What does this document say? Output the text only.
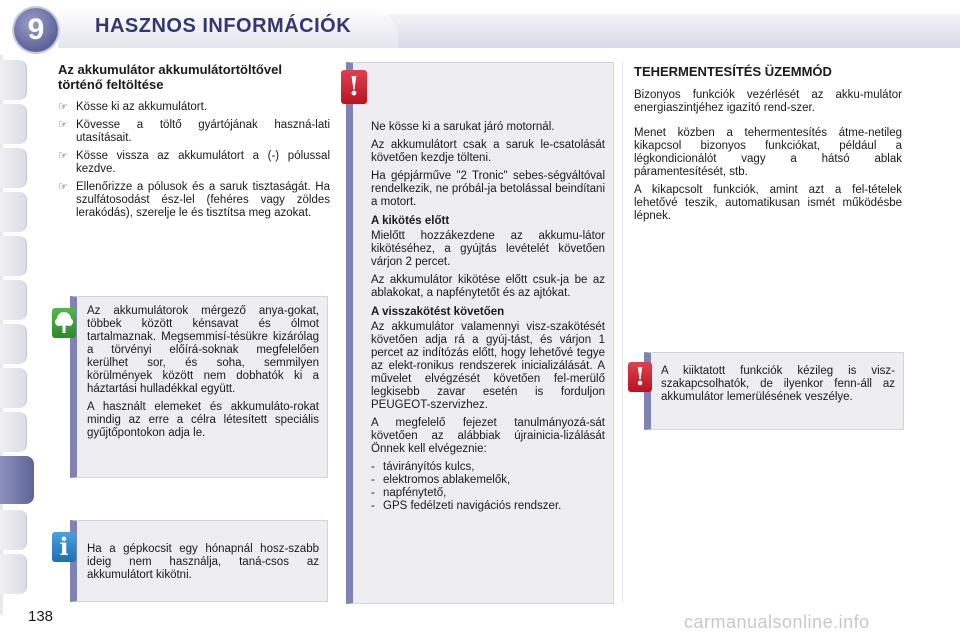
9	HASZNOS INFORMÁCIÓK
Az akkumulátor akkumulátortöltővel történő feltöltése
☞ Kösse ki az akkumulátort.
☞ Kövesse a töltő gyártójának haszná-lati utasításait.
☞ Kösse vissza az akkumulátort a (-) pólussal kezdve.
☞ Ellenőrizze a pólusok és a saruk tisztaságát. Ha szulfátosodást ész-lel (fehéres vagy zöldes lerakódás), szerelje le és tisztítsa meg azokat.
Az akkumulátorok mérgező anya-gokat, többek között kénsavat és ólmot tartalmaznak. Megsemmisí-tésükre kizárólag a törvényi előírá-soknak megfelelően kerülhet sor, és soha, semmilyen körülmények között nem dobhatók ki a háztartási hulladékkal együtt.
A használt elemeket és akkumuláto-rokat mindig az erre a célra létesített speciális gyűjtőpontokon adja le.
Ha a gépkocsit egy hónapnál hosz-szabb ideig nem használja, taná-csos az akkumulátort kikötni.
i

Ne kösse ki a sarukat járó motornál.

Az akkumulátort csak a saruk le-csatolását követően kezdje tölteni.

Ha gépjárműve "2 Tronic" sebes-ségváltóval rendelkezik, ne próbál-ja betolással beindítani a motort.

A kikötés előtt

Mielőtt hozzákezdene az akkumu-látor kikötéséhez, a gyújtás levételét követően várjon 2 percet.

Az akkumulátor kikötése előtt csuk-ja be az ablakokat, a napfénytetőt és az ajtókat.

A visszakötést követően

Az akkumulátor valamennyi visz-szakötését követően adja rá a gyúj-tást, és várjon 1 percet az indítózás előtt, hogy lehetővé tegye az elekt-ronikus rendszerek inicializálását. A művelet elvégzését követően fel-merülő legkisebb zavar esetén is forduljon PEUGEOT-szervizhez.

A megfelelő fejezet tanulmányozá-sát követően az alábbiak újrainicia-lizálását Önnek kell elvégeznie:

- távirányítós kulcs,
- elektromos ablakemelők,
- napfénytető,
- GPS fedélzeti navigációs rendszer.
!
TEHERMENTESÍTÉS ÜZEMMÓD

Bizonyos funkciók vezérlését az akku-mulátor energiaszintjéhez igazító rend-szer.

Menet közben a tehermentesítés átme-netileg kikapcsol bizonyos funkciókat, például a légkondicionálót vagy a hátsó ablak páramentesítését, stb.

A kikapcsolt funkciók, amint azt a fel-tételek lehetővé teszik, automatikusan ismét működésbe lépnek.

A kiiktatott funkciók kézileg is visz-szakapcsolhatók, de ilyenkor fenn-áll az akkumulátor lemerülésének veszélye.
!
138	carmanualsonline.info
